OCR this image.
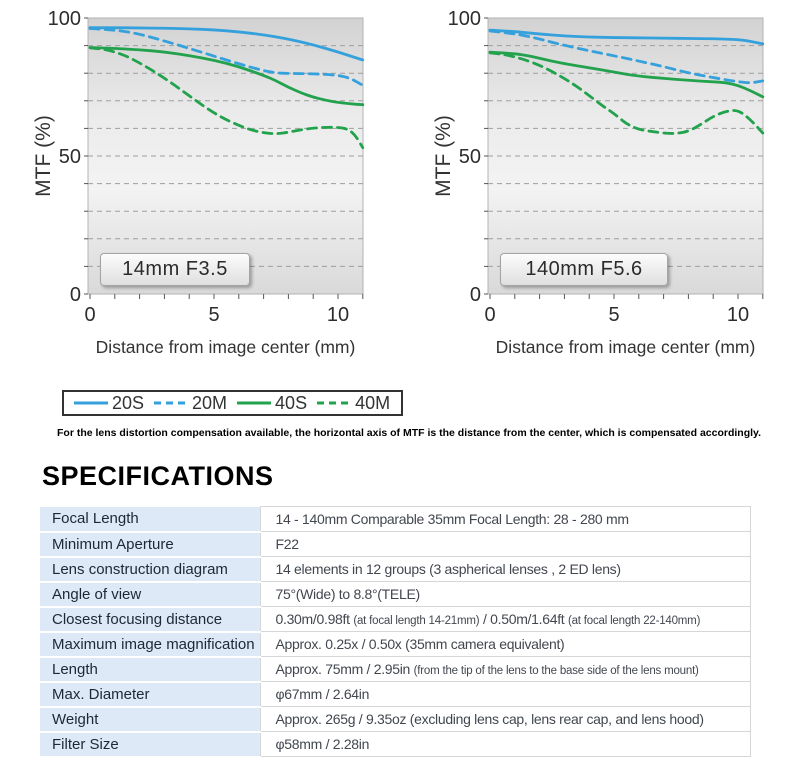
0
50
100
0	5	10
MTF (%)
14mm F3.5
Distance from image center (mm)
0
50
100
0	5	10
MTF (%)
140mm F5.6
Distance from image center (mm)
20S	20M	40S	40M

For the lens distortion compensation available, the horizontal axis of MTF is the distance from the center, which is compensated accordingly.

SPECIFICATIONS
Focal Length	14 - 140mm Comparable 35mm Focal Length: 28 - 280 mm
Minimum Aperture	F22
Lens construction diagram	14 elements in 12 groups (3 aspherical lenses , 2 ED lens)
Angle of view	75°(Wide) to 8.8°(TELE)
Closest focusing distance	0.30m/0.98ft (at focal length 14-21mm) / 0.50m/1.64ft (at focal length 22-140mm)
Maximum image magnification	Approx. 0.25x / 0.50x (35mm camera equivalent)
Length	Approx. 75mm / 2.95in (from the tip of the lens to the base side of the lens mount)
Max. Diameter	φ67mm / 2.64in
Weight	Approx. 265g / 9.35oz (excluding lens cap, lens rear cap, and lens hood)
Filter Size	φ58mm / 2.28in
